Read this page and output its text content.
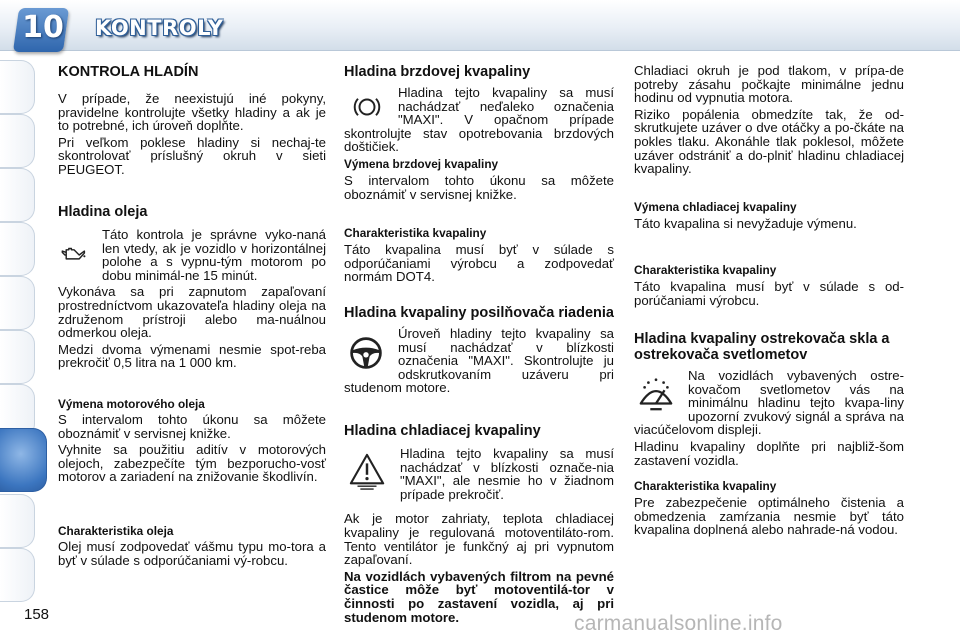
10 KONTROLY
KONTROLA HLADÍN

V prípade, že neexistujú iné pokyny, pravidelne kontrolujte všetky hladiny a ak je to potrebné, ich úroveň doplňte.

Pri veľkom poklese hladiny si nechaj-te skontrolovať príslušný okruh v sieti PEUGEOT.

Hladina oleja

Táto kontrola je správne vyko-naná len vtedy, ak je vozidlo v horizontálnej polohe a s vypnu-tým motorom po dobu minimál-ne 15 minút.

Vykonáva sa pri zapnutom zapaľovaní prostredníctvom ukazovateľa hladiny oleja na združenom prístroji alebo ma-nuálnou odmerkou oleja.

Medzi dvoma výmenami nesmie spot-reba prekročiť 0,5 litra na 1 000 km.

Výmena motorového oleja

S intervalom tohto úkonu sa môžete oboznámiť v servisnej knižke.

Vyhnite sa použitiu aditív v motorových olejoch, zabezpečíte tým bezporucho-vosť motorov a zariadení na znižovanie škodlivín.

Charakteristika oleja

Olej musí zodpovedať vášmu typu mo-tora a byť v súlade s odporúčaniami vý-robcu.

Hladina brzdovej kvapaliny

Hladina tejto kvapaliny sa musí nachádzať neďaleko označenia "MAXI". V opačnom prípade skontrolujte stav opotrebovania brzdových doštičiek.

Výmena brzdovej kvapaliny

S intervalom tohto úkonu sa môžete oboznámiť v servisnej knižke.

Charakteristika kvapaliny

Táto kvapalina musí byť v súlade s odporúčaniami výrobcu a zodpovedať normám DOT4.

Hladina kvapaliny posilňovača riadenia

Úroveň hladiny tejto kvapaliny sa musí nachádzať v blízkosti označenia "MAXI". Skontrolujte ju odskrutkovaním uzáveru pri studenom motore.

Hladina chladiacej kvapaliny

Hladina tejto kvapaliny sa musí nachádzať v blízkosti označe-nia "MAXI", ale nesmie ho v žiadnom prípade prekročiť.

Ak je motor zahriaty, teplota chladiacej kvapaliny je regulovaná motoventiláto-rom. Tento ventilátor je funkčný aj pri vypnutom zapaľovaní.

Na vozidlách vybavených filtrom na pevné častice môže byť motoventilá-tor v činnosti po zastavení vozidla, aj pri studenom motore.

Chladiaci okruh je pod tlakom, v prípa-de potreby zásahu počkajte minimálne jednu hodinu od vypnutia motora.

Riziko popálenia obmedzíte tak, že od-skrutkujete uzáver o dve otáčky a po-čkáte na pokles tlaku. Akonáhle tlak poklesol, môžete uzáver odstrániť a do-plniť hladinu chladiacej kvapaliny.

Výmena chladiacej kvapaliny

Táto kvapalina si nevyžaduje výmenu.

Charakteristika kvapaliny

Táto kvapalina musí byť v súlade s od-porúčaniami výrobcu.

Hladina kvapaliny ostrekovača skla a ostrekovača svetlometov

Na vozidlách vybavených ostre-kovačom svetlometov vás na minimálnu hladinu tejto kvapa-liny upozorní zvukový signál a správa na viacúčelovom displeji.

Hladinu kvapaliny doplňte pri najbliž-šom zastavení vozidla.

Charakteristika kvapaliny

Pre zabezpečenie optimálneho čistenia a obmedzenia zamŕzania nesmie byť táto kvapalina doplnená alebo nahrade-ná vodou.

158	carmanualsonline.info
